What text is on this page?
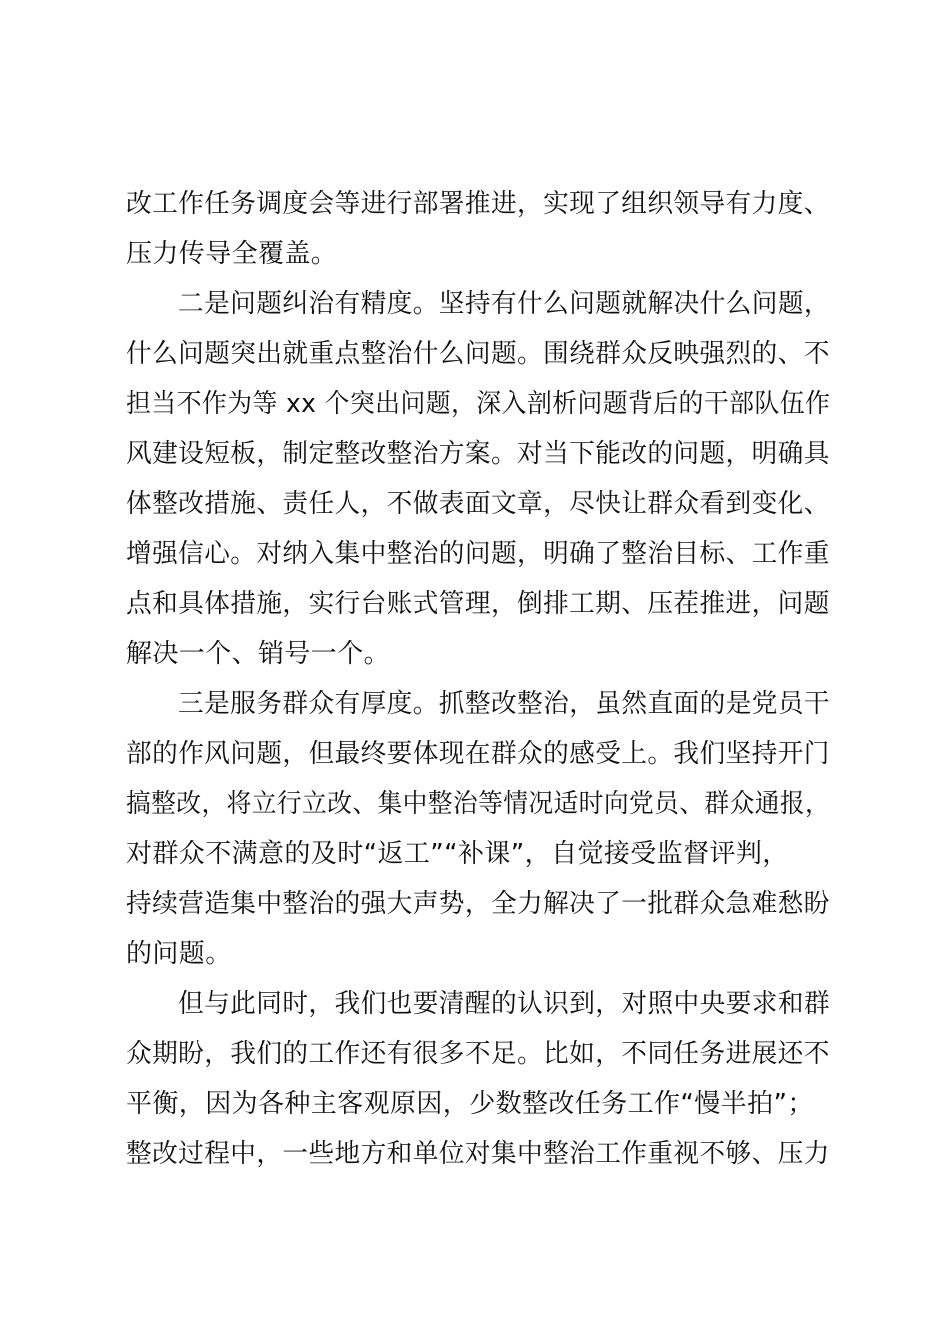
改工作任务调度会等进行部署推进，实现了组织领导有力度、
压力传导全覆盖。
二是问题纠治有精度。坚持有什么问题就解决什么问题，
什么问题突出就重点整治什么问题。围绕群众反映强烈的、不
担当不作为等 xx 个突出问题，深入剖析问题背后的干部队伍作
风建设短板，制定整改整治方案。对当下能改的问题，明确具
体整改措施、责任人，不做表面文章，尽快让群众看到变化、
增强信心。对纳入集中整治的问题，明确了整治目标、工作重
点和具体措施，实行台账式管理，倒排工期、压茬推进，问题
解决一个、销号一个。
三是服务群众有厚度。抓整改整治，虽然直面的是党员干
部的作风问题，但最终要体现在群众的感受上。我们坚持开门
搞整改，将立行立改、集中整治等情况适时向党员、群众通报，
对群众不满意的及时“返工”“补课”，自觉接受监督评判，
持续营造集中整治的强大声势，全力解决了一批群众急难愁盼
的问题。
但与此同时，我们也要清醒的认识到，对照中央要求和群
众期盼，我们的工作还有很多不足。比如，不同任务进展还不
平衡，因为各种主客观原因，少数整改任务工作“慢半拍”；
整改过程中，一些地方和单位对集中整治工作重视不够、压力
